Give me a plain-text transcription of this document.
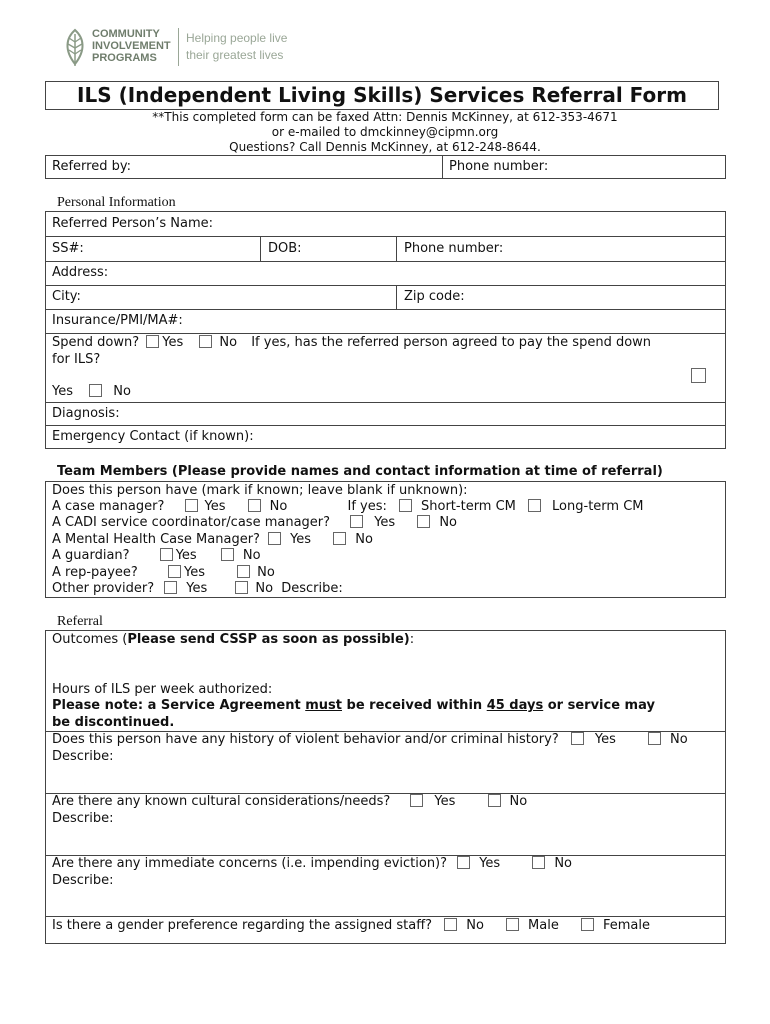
COMMUNITY
INVOLVEMENT
PROGRAMS
Helping people live
their greatest lives
ILS (Independent Living Skills) Services Referral Form
**This completed form can be faxed Attn: Dennis McKinney, at 612-353-4671
or e-mailed to dmckinney@cipmn.org
Questions? Call Dennis McKinney, at 612-248-8644.
Referred by:	Phone number:
Personal Information
Referred Person’s Name:
SS#:	DOB:	Phone number:
Address:
City:	Zip code:
Insurance/PMI/MA#:
Spend down? Yes	No If yes, has the referred person agreed to pay the spend down
for ILS?
Yes	No
Diagnosis:
Emergency Contact (if known):
Team Members (Please provide names and contact information at time of referral)
Does this person have (mark if known; leave blank if unknown):
A case manager?	Yes	No	If yes:	Short-term CM	Long-term CM
A CADI service coordinator/case manager?	Yes	No
A Mental Health Case Manager? Yes	No
A guardian?	Yes	No
A rep-payee?	Yes	No
Other provider? Yes	No Describe:
Referral
Outcomes (Please send CSSP as soon as possible):
Hours of ILS per week authorized:
Please note: a Service Agreement must be received within 45 days or service may
be discontinued.
Does this person have any history of violent behavior and/or criminal history?	Yes	No
Describe:
Are there any known cultural considerations/needs?	Yes	No
Describe:
Are there any immediate concerns (i.e. impending eviction)? Yes	No
Describe:
Is there a gender preference regarding the assigned staff?	No	Male	Female
